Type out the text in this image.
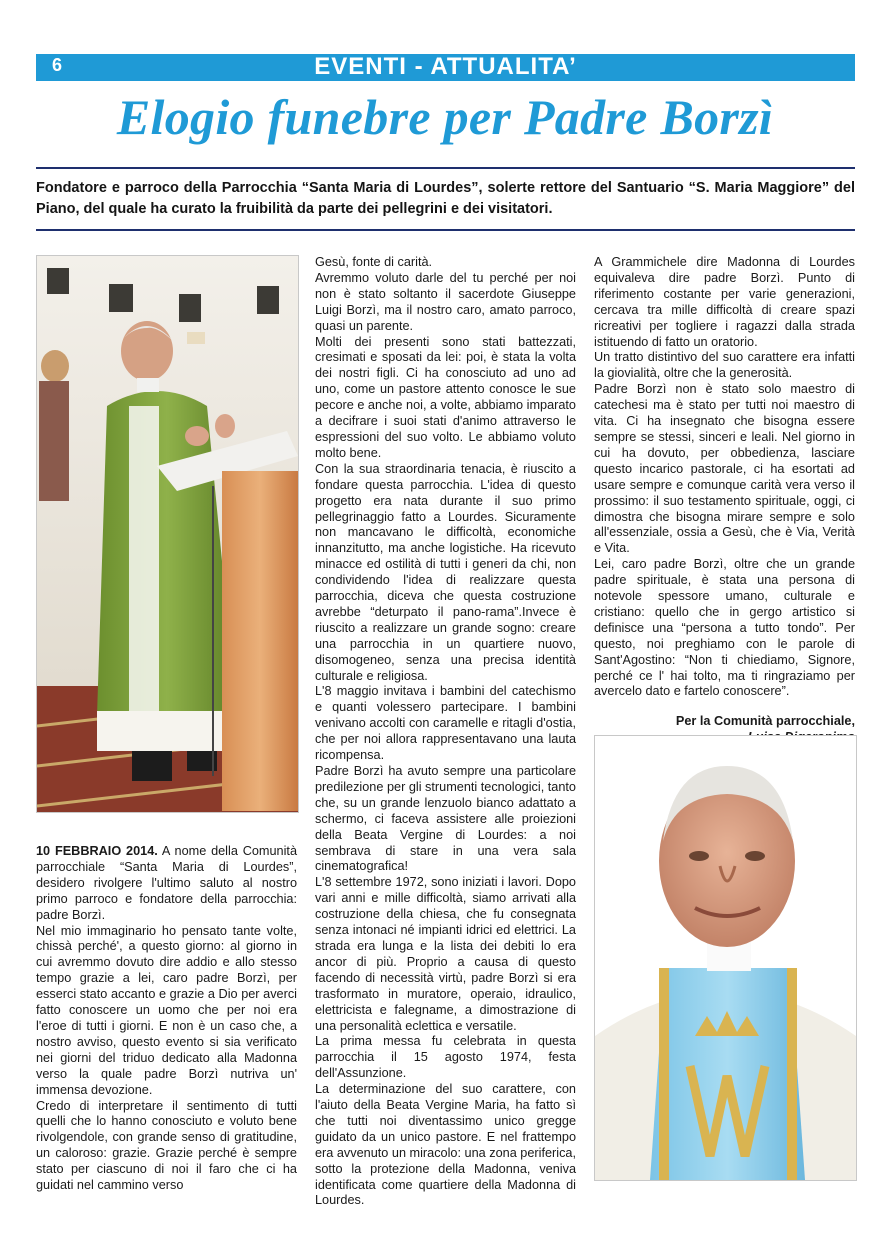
6	EVENTI - ATTUALITA’
Elogio funebre per Padre Borzì
Fondatore e parroco della Parrocchia “Santa Maria di Lourdes”, solerte rettore del Santuario “S. Maria Maggiore” del Piano, del quale ha curato la fruibilità da parte dei pellegrini e dei visitatori.

10 FEBBRAIO 2014. A nome della Comunità parrocchiale “Santa Maria di Lourdes”, desidero rivolgere l'ultimo saluto al nostro primo parroco e fondatore della parrocchia: padre Borzì.

Nel mio immaginario ho pensato tante volte, chissà perché', a questo giorno: al giorno in cui avremmo dovuto dire addio e allo stesso tempo grazie a lei, caro padre Borzì, per esserci stato accanto e grazie a Dio per averci fatto conoscere un uomo che per noi era l'eroe di tutti i giorni. E non è un caso che, a nostro avviso, questo evento si sia verificato nei giorni del triduo dedicato alla Madonna verso la quale padre Borzì nutriva un' immensa devozione.

Credo di interpretare il sentimento di tutti quelli che lo hanno conosciuto e voluto bene rivolgendole, con grande senso di gratitudine, un caloroso: grazie. Grazie perché è sempre stato per ciascuno di noi il faro che ci ha guidati nel cammino verso

Gesù, fonte di carità.

Avremmo voluto darle del tu perché per noi non è stato soltanto il sacerdote Giuseppe Luigi Borzì, ma il nostro caro, amato parroco, quasi un parente.

Molti dei presenti sono stati battezzati, cresimati e sposati da lei: poi, è stata la volta dei nostri figli. Ci ha conosciuto ad uno ad uno, come un pastore attento conosce le sue pecore e anche noi, a volte, abbiamo imparato a decifrare i suoi stati d'animo attraverso le espressioni del suo volto. Le abbiamo voluto molto bene.

Con la sua straordinaria tenacia, è riuscito a fondare questa parrocchia. L'idea di questo progetto era nata durante il suo primo pellegrinaggio fatto a Lourdes. Sicuramente non mancavano le difficoltà, economiche innanzitutto, ma anche logistiche. Ha ricevuto minacce ed ostilità di tutti i generi da chi, non condividendo l'idea di realizzare questa parrocchia, diceva che questa costruzione avrebbe “deturpato il pano-rama”.Invece è riuscito a realizzare un grande sogno: creare una parrocchia in un quartiere nuovo, disomogeneo, senza una precisa identità culturale e religiosa.

L'8 maggio invitava i bambini del catechismo e quanti volessero partecipare. I bambini venivano accolti con caramelle e ritagli d'ostia, che per noi allora rappresentavano una lauta ricompensa.

Padre Borzì ha avuto sempre una particolare predilezione per gli strumenti tecnologici, tanto che, su un grande lenzuolo bianco adattato a schermo, ci faceva assistere alle proiezioni della Beata Vergine di Lourdes: a noi sembrava di stare in una vera sala cinematografica!

L'8 settembre 1972, sono iniziati i lavori. Dopo vari anni e mille difficoltà, siamo arrivati alla costruzione della chiesa, che fu consegnata senza intonaci né impianti idrici ed elettrici. La strada era lunga e la lista dei debiti lo era ancor di più. Proprio a causa di questo facendo di necessità virtù, padre Borzì si era trasformato in muratore, operaio, idraulico, elettricista e falegname, a dimostrazione di una personalità eclettica e versatile.

La prima messa fu celebrata in questa parrocchia il 15 agosto 1974, festa dell'Assunzione.

La determinazione del suo carattere, con l'aiuto della Beata Vergine Maria, ha fatto sì che tutti noi diventassimo unico gregge guidato da un unico pastore. E nel frattempo era avvenuto un miracolo: una zona periferica, sotto la protezione della Madonna, veniva identificata come quartiere della Madonna di Lourdes.

A Grammichele dire Madonna di Lourdes equivaleva dire padre Borzì. Punto di riferimento costante per varie generazioni, cercava tra mille difficoltà di creare spazi ricreativi per togliere i ragazzi dalla strada istituendo di fatto un oratorio.

Un tratto distintivo del suo carattere era infatti la giovialità, oltre che la generosità.

Padre Borzì non è stato solo maestro di catechesi ma è stato per tutti noi maestro di vita. Ci ha insegnato che bisogna essere sempre se stessi, sinceri e leali. Nel giorno in cui ha dovuto, per obbedienza, lasciare questo incarico pastorale, ci ha esortati ad usare sempre e comunque carità vera verso il prossimo: il suo testamento spirituale, oggi, ci dimostra che bisogna mirare sempre e solo all'essenziale, ossia a Gesù, che è Via, Verità e Vita.

Lei, caro padre Borzì, oltre che un grande padre spirituale, è stata una persona di notevole spessore umano, culturale e cristiano: quello che in gergo artistico si definisce una “persona a tutto tondo”. Per questo, noi preghiamo con le parole di Sant'Agostino: “Non ti chiediamo, Signore, perché ce l' hai tolto, ma ti ringraziamo per avercelo dato e fartelo conoscere”.

Per la Comunità parrocchiale,
